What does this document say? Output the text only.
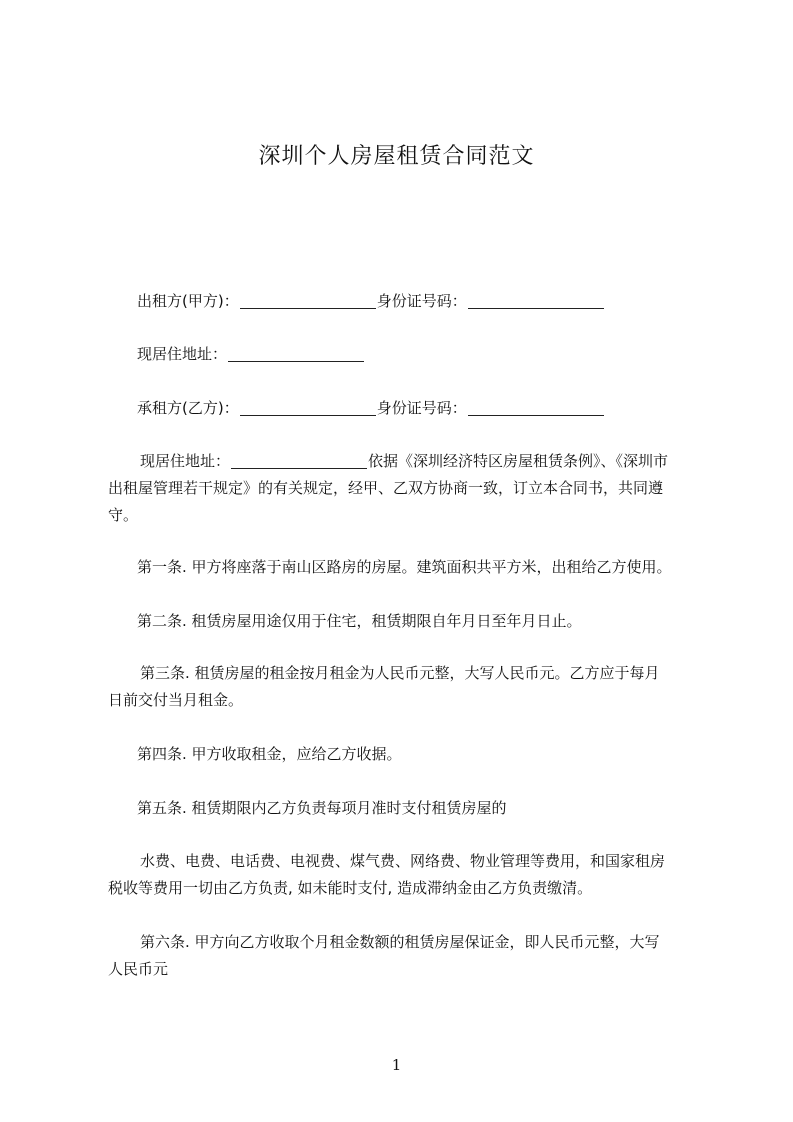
深圳个人房屋租赁合同范文
出租方(甲方)：	身份证号码：
现居住地址：
承租方(乙方)：	身份证号码：
现居住地址：	依据《深圳经济特区房屋租赁条例》、《深圳市
出租屋管理若干规定》的有关规定，经甲、乙双方协商一致，订立本合同书，共同遵
守。
第一条. 甲方将座落于南山区路房的房屋。建筑面积共平方米，出租给乙方使用。
第二条. 租赁房屋用途仅用于住宅，租赁期限自年月日至年月日止。
第三条. 租赁房屋的租金按月租金为人民币元整，大写人民币元。乙方应于每月
日前交付当月租金。
第四条. 甲方收取租金，应给乙方收据。
第五条. 租赁期限内乙方负责每项月准时支付租赁房屋的
水费、电费、电话费、电视费、煤气费、网络费、物业管理等费用，和国家租房
税收等费用一切由乙方负责, 如未能时支付, 造成滞纳金由乙方负责缴清。
第六条. 甲方向乙方收取个月租金数额的租赁房屋保证金，即人民币元整，大写
人民币元
1
